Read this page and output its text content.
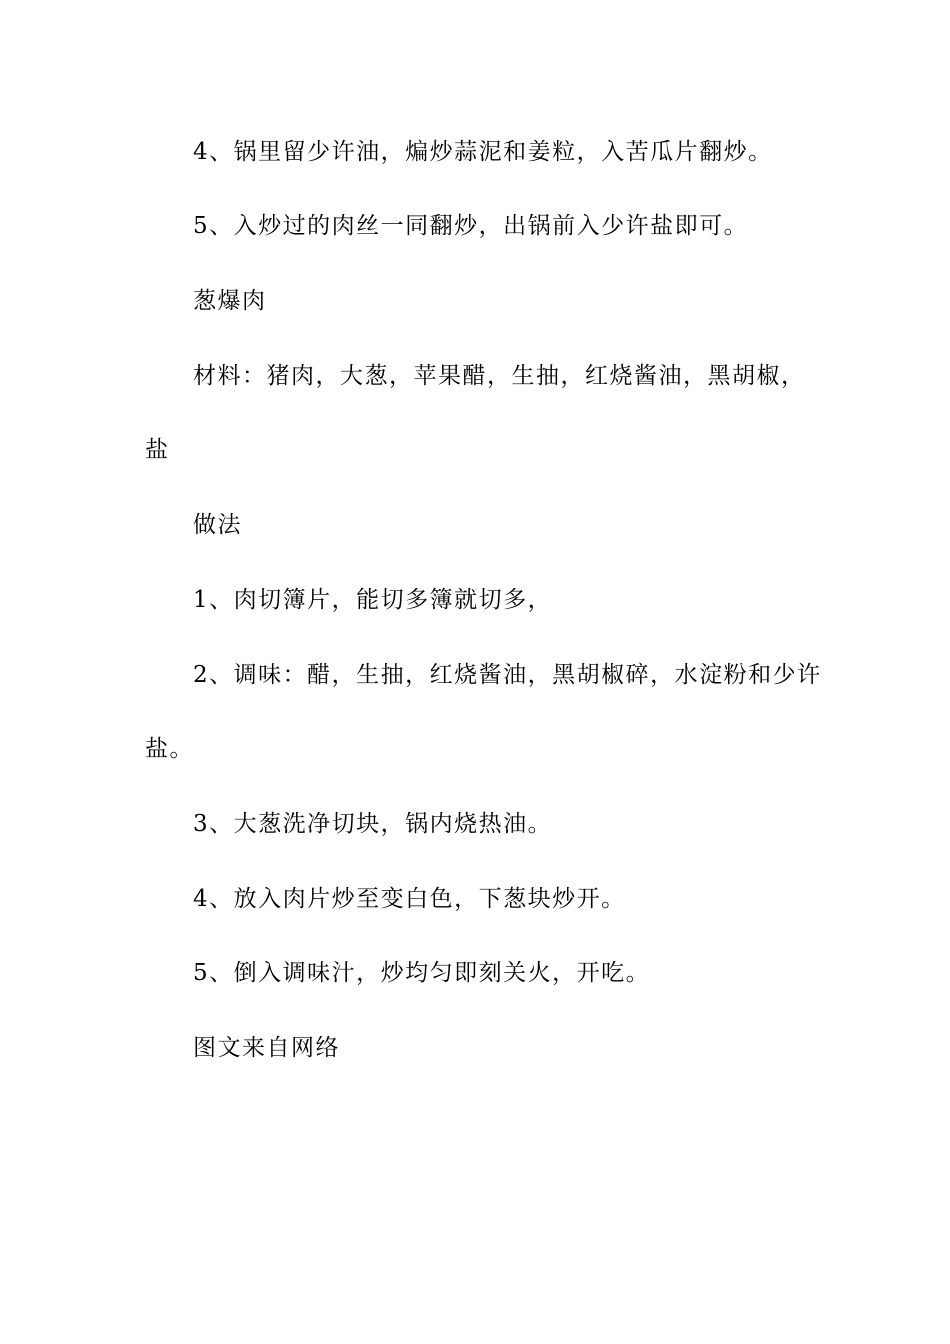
4、锅里留少许油，煸炒蒜泥和姜粒，入苦瓜片翻炒。
5、入炒过的肉丝一同翻炒，出锅前入少许盐即可。
葱爆肉
材料：猪肉，大葱，苹果醋，生抽，红烧酱油，黑胡椒，
盐
做法
1、肉切簿片，能切多簿就切多，
2、调味：醋，生抽，红烧酱油，黑胡椒碎，水淀粉和少许
盐。
3、大葱洗净切块，锅内烧热油。
4、放入肉片炒至变白色，下葱块炒开。
5、倒入调味汁，炒均匀即刻关火，开吃。
图文来自网络
